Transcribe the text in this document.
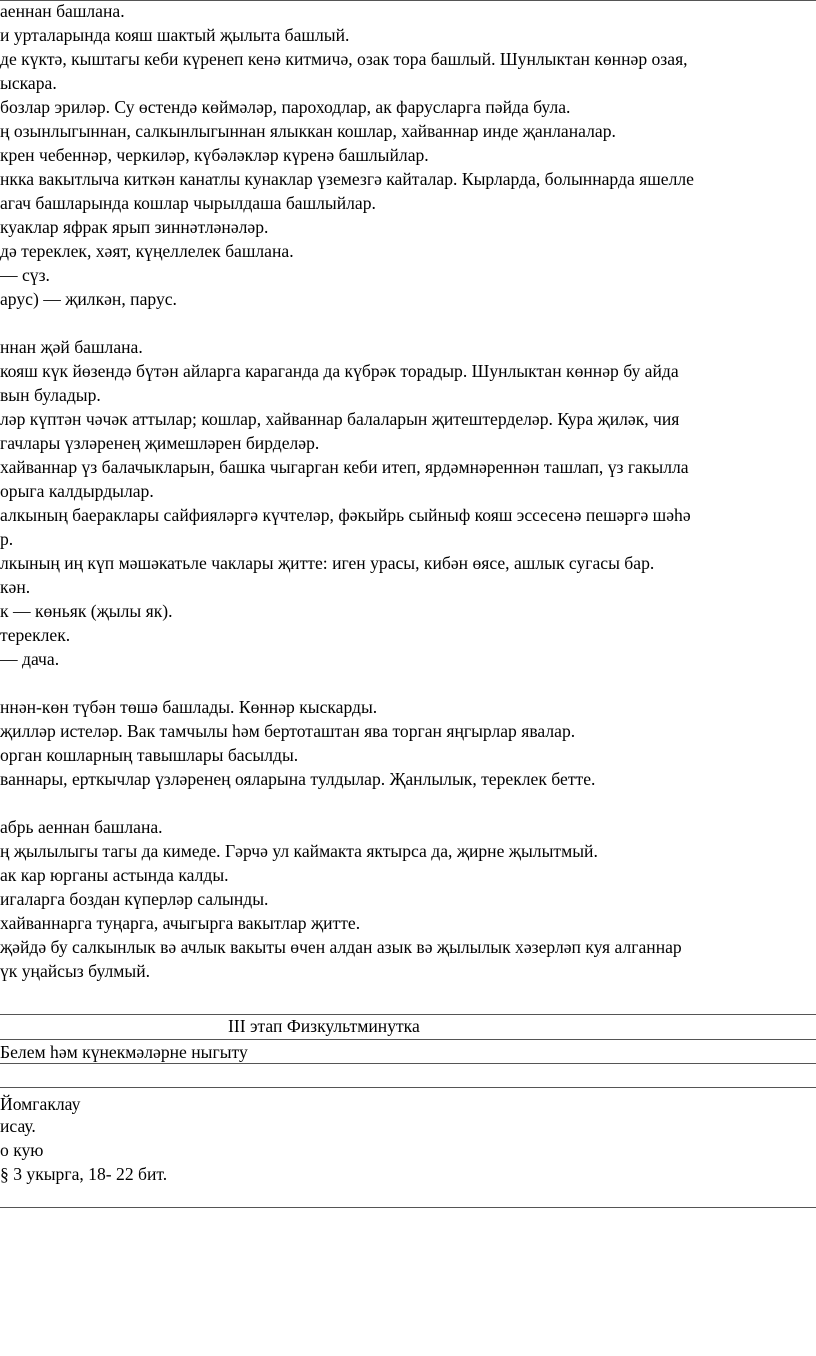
аеннан башлана.
и урталарында кояш шактый җылыта башлый.
де күктә, кыштагы кеби күренеп кенә китмичә, озак тора башлый. Шунлыктан көннәр озая,
ыскара.
бозлар эриләр. Су өстендә көймәләр, пароходлар, ак фарусларга пәйда була.
ң озынлыгыннан, салкынлыгыннан ялыккан кошлар, хайваннар инде җанланалар.
крен чебеннәр, черкиләр, күбәләкләр күренә башлыйлар.
нкка вакытлыча киткән канатлы кунаклар үземезгә кайталар. Кырларда, болыннарда яшелле
агач башларында кошлар чырылдаша башлыйлар.
куаклар яфрак ярып зиннәтләнәләр.
дә тереклек, хәят, күңеллелек башлана.
— сүз.
арус) — җилкән, парус.
ннан җәй башлана.
кояш күк йөзендә бүтән айларга караганда да күбрәк торадыр. Шунлыктан көннәр бу айда
вын буладыр.
ләр күптән чәчәк аттылар; кошлар, хайваннар балаларын җитештерделәр. Кура җиләк, чия
гачлары үзләренең җимешләрен бирделәр.
хайваннар үз балачыкларын, башка чыгарган кеби итеп, ярдәмнәреннән ташлап, үз гакылла
орыга калдырдылар.
алкының баераклары сайфияләргә күчтеләр, фәкыйрь сыйныф кояш эссесенә пешәргә шәһә
р.
лкының иң күп мәшәкатьле чаклары җитте: иген урасы, кибән өясе, ашлык сугасы бар.
кән.
к — көньяк (җылы як).
тереклек.
— дача.
ннән-көн түбән төшә башлады. Көннәр кыскарды.
җилләр истеләр. Вак тамчылы һәм бертоташтан ява торган яңгырлар явалар.
орган кошларның тавышлары басылды.
ваннары, ерткычлар үзләренең ояларына тулдылар. Җанлылык, тереклек бетте.
абрь аеннан башлана.
ң җылылыгы тагы да кимеде. Гәрчә ул каймакта яктырса да, җирне җылытмый.
ак кар юрганы астында калды.
игаларга боздан күперләр салынды.
хайваннарга туңарга, ачыгырга вакытлар җитте.
җәйдә бу салкынлык вә ачлык вакыты өчен алдан азык вә җылылык хәзерләп куя алганнар
үк уңайсыз булмый.
III этап Физкультминутка
Белем һәм күнекмәләрне ныгыту
Йомгаклау
исау.
о кую
§ 3 укырга, 18- 22 бит.
